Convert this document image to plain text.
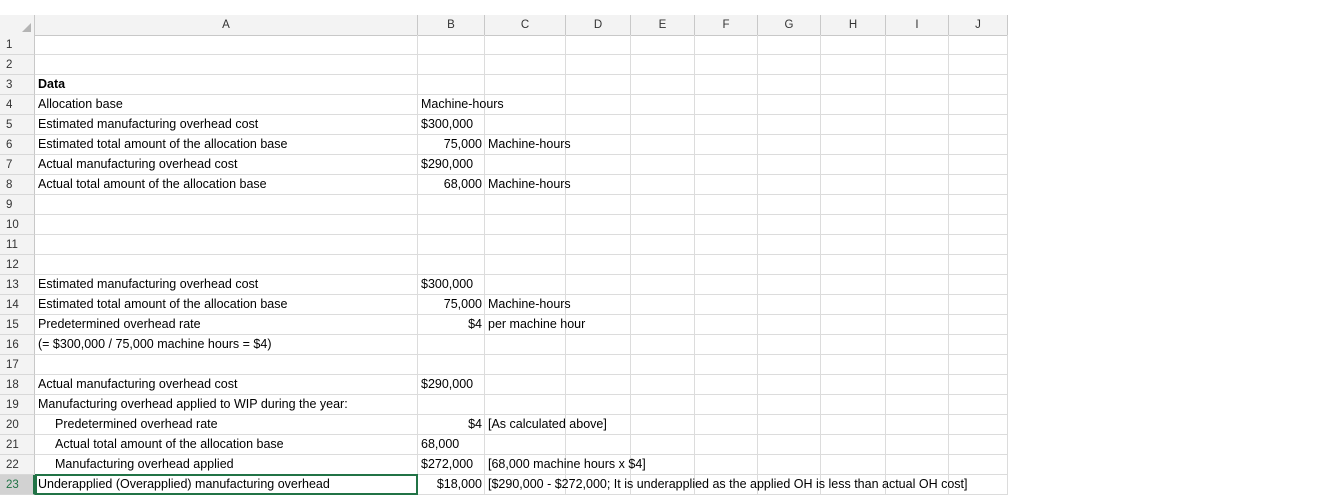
A	B	C	D	E	F	G	H	I	J
1
2
3	Data
4	Allocation base	Machine-hours
5	Estimated manufacturing overhead cost	$300,000
6	Estimated total amount of the allocation base	75,000 Machine-hours
7	Actual manufacturing overhead cost	$290,000
8	Actual total amount of the allocation base	68,000 Machine-hours
9
10
11
12
13	Estimated manufacturing overhead cost	$300,000
14	Estimated total amount of the allocation base	75,000 Machine-hours
15	Predetermined overhead rate	$4 per machine hour
16	(= $300,000 / 75,000 machine hours = $4)
17
18	Actual manufacturing overhead cost	$290,000
19	Manufacturing overhead applied to WIP during the year:
20	Predetermined overhead rate	$4 [As calculated above]
21	Actual total amount of the allocation base	68,000
22	Manufacturing overhead applied	$272,000 [68,000 machine hours x $4]
23	Underapplied (Overapplied) manufacturing overhead	$18,000 [$290,000 - $272,000; It is underapplied as the applied OH is less than actual OH cost]
